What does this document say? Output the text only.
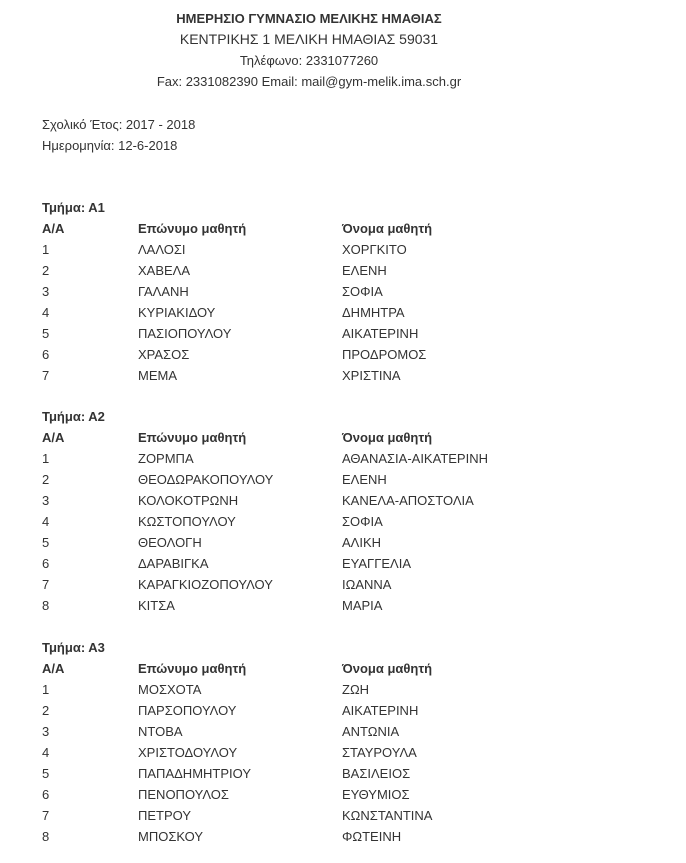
ΗΜΕΡΗΣΙΟ ΓΥΜΝΑΣΙΟ ΜΕΛΙΚΗΣ ΗΜΑΘΙΑΣ
ΚΕΝΤΡΙΚΗΣ 1 ΜΕΛΙΚΗ ΗΜΑΘΙΑΣ 59031
Τηλέφωνο: 2331077260
Fax: 2331082390 Email: mail@gym-melik.ima.sch.gr
Σχολικό Έτος: 2017 - 2018
Ημερομηνία: 12-6-2018
Τμήμα: Α1
Α/Α	Επώνυμο μαθητή	Όνομα μαθητή
1	ΛΑΛΟΣΙ	ΧΟΡΓΚΙΤΟ
2	ΧΑΒΕΛΑ	ΕΛΕΝΗ
3	ΓΑΛΑΝΗ	ΣΟΦΙΑ
4	ΚΥΡΙΑΚΙΔΟΥ	ΔΗΜΗΤΡΑ
5	ΠΑΣΙΟΠΟΥΛΟΥ	ΑΙΚΑΤΕΡΙΝΗ
6	ΧΡΑΣΟΣ	ΠΡΟΔΡΟΜΟΣ
7	ΜΕΜΑ	ΧΡΙΣΤΙΝΑ
Τμήμα: Α2
Α/Α	Επώνυμο μαθητή	Όνομα μαθητή
1	ΖΟΡΜΠΑ	ΑΘΑΝΑΣΙΑ-ΑΙΚΑΤΕΡΙΝΗ
2	ΘΕΟΔΩΡΑΚΟΠΟΥΛΟΥ	ΕΛΕΝΗ
3	ΚΟΛΟΚΟΤΡΩΝΗ	ΚΑΝΕΛΑ-ΑΠΟΣΤΟΛΙΑ
4	ΚΩΣΤΟΠΟΥΛΟΥ	ΣΟΦΙΑ
5	ΘΕΟΛΟΓΗ	ΑΛΙΚΗ
6	ΔΑΡΑΒΙΓΚΑ	ΕΥΑΓΓΕΛΙΑ
7	ΚΑΡΑΓΚΙΟΖΟΠΟΥΛΟΥ	ΙΩΑΝΝΑ
8	ΚΙΤΣΑ	ΜΑΡΙΑ
Τμήμα: Α3
Α/Α	Επώνυμο μαθητή	Όνομα μαθητή
1	ΜΟΣΧΟΤΑ	ΖΩΗ
2	ΠΑΡΣΟΠΟΥΛΟΥ	ΑΙΚΑΤΕΡΙΝΗ
3	ΝΤΟΒΑ	ΑΝΤΩΝΙΑ
4	ΧΡΙΣΤΟΔΟΥΛΟΥ	ΣΤΑΥΡΟΥΛΑ
5	ΠΑΠΑΔΗΜΗΤΡΙΟΥ	ΒΑΣΙΛΕΙΟΣ
6	ΠΕΝΟΠΟΥΛΟΣ	ΕΥΘΥΜΙΟΣ
7	ΠΕΤΡΟΥ	ΚΩΝΣΤΑΝΤΙΝΑ
8	ΜΠΟΣΚΟΥ	ΦΩΤΕΙΝΗ
